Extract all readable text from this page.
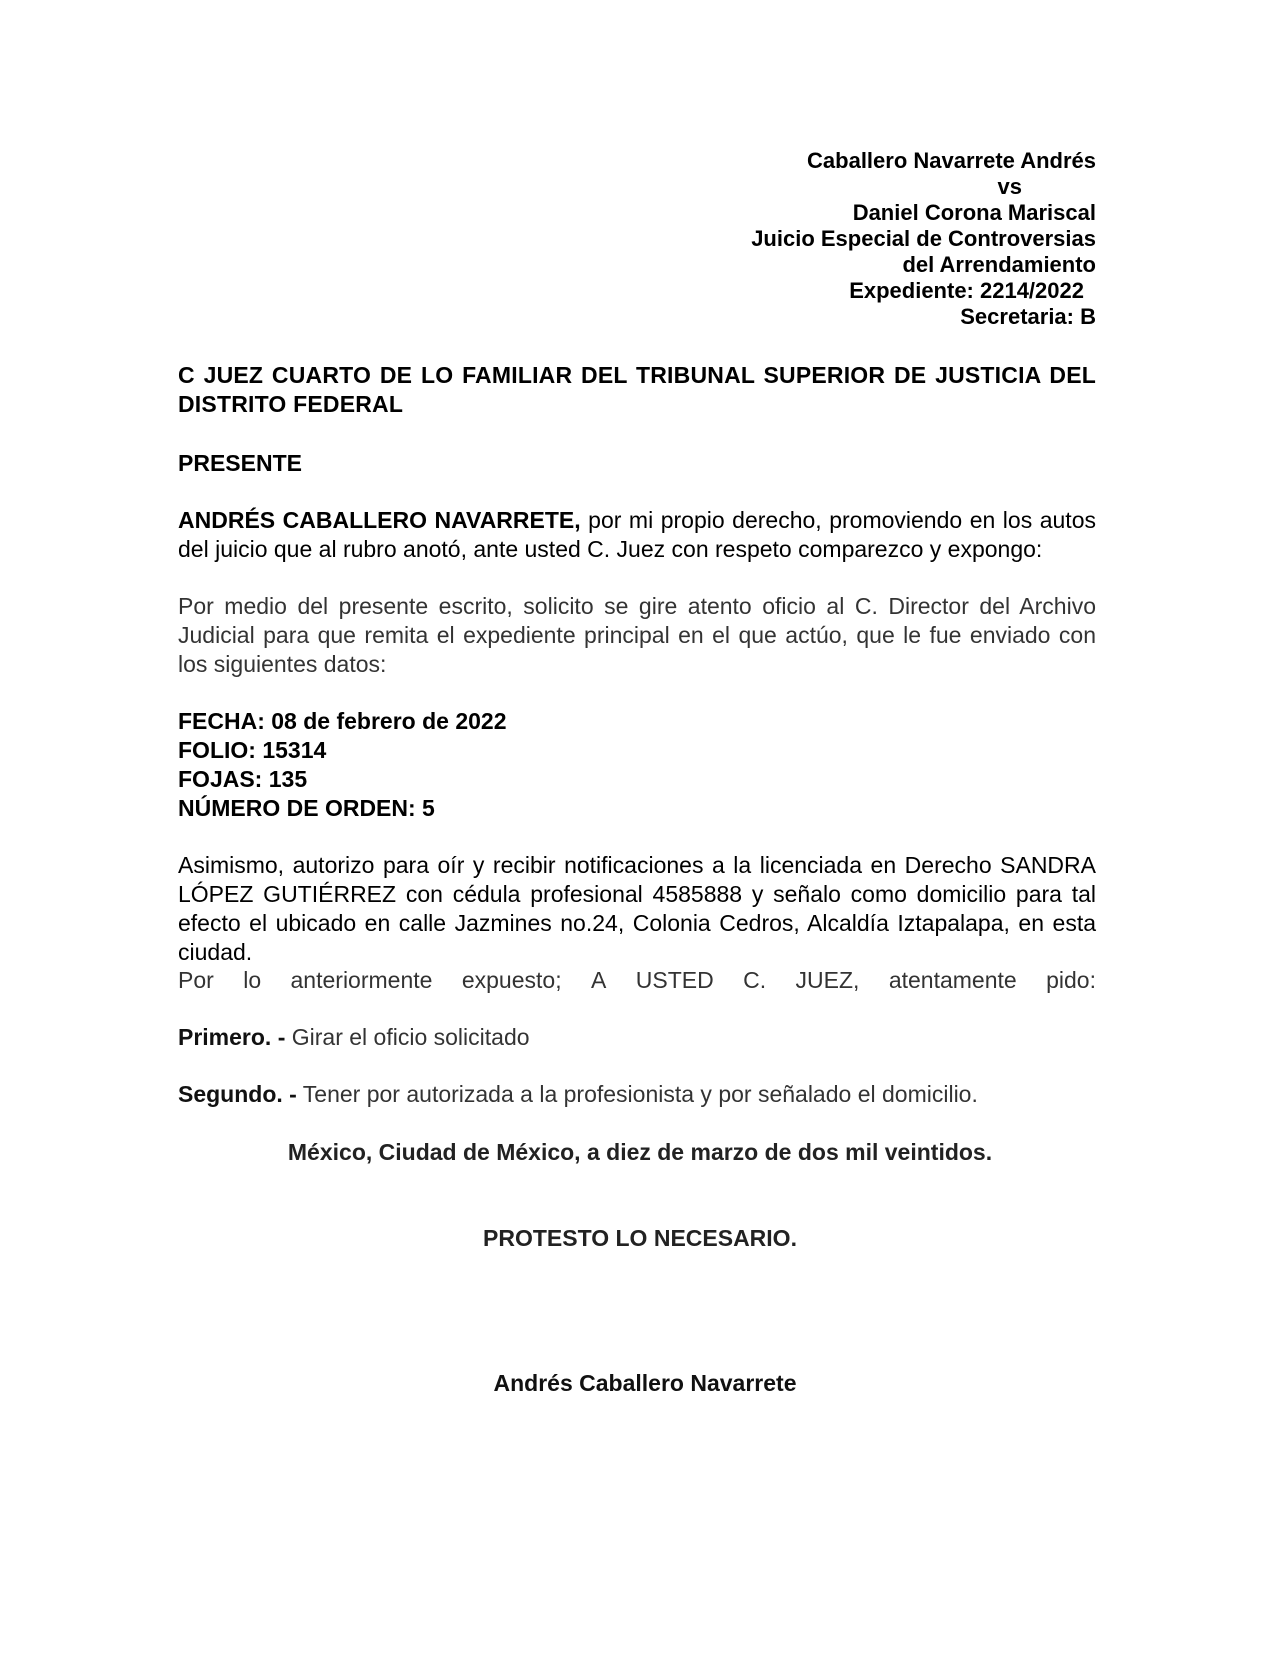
Caballero Navarrete Andrés
vs
Daniel Corona Mariscal
Juicio Especial de Controversias
del Arrendamiento
Expediente: 2214/2022
Secretaria: B
C JUEZ CUARTO DE LO FAMILIAR DEL TRIBUNAL SUPERIOR DE JUSTICIA DEL DISTRITO FEDERAL
PRESENTE
ANDRÉS CABALLERO NAVARRETE, por mi propio derecho, promoviendo en los autos del juicio que al rubro anotó, ante usted C. Juez con respeto comparezco y expongo:
Por medio del presente escrito, solicito se gire atento oficio al C. Director del Archivo Judicial para que remita el expediente principal en el que actúo, que le fue enviado con los siguientes datos:
FECHA: 08 de febrero de 2022
FOLIO: 15314
FOJAS: 135
NÚMERO DE ORDEN: 5
Asimismo, autorizo para oír y recibir notificaciones a la licenciada en Derecho SANDRA LÓPEZ GUTIÉRREZ con cédula profesional 4585888 y señalo como domicilio para tal efecto el ubicado en calle Jazmines no.24, Colonia Cedros, Alcaldía Iztapalapa, en esta ciudad.
Por lo anteriormente expuesto; A USTED C. JUEZ, atentamente pido:
Primero. - Girar el oficio solicitado
Segundo. - Tener por autorizada a la profesionista y por señalado el domicilio.
México, Ciudad de México, a diez de marzo de dos mil veintidos.
PROTESTO LO NECESARIO.
Andrés Caballero Navarrete
